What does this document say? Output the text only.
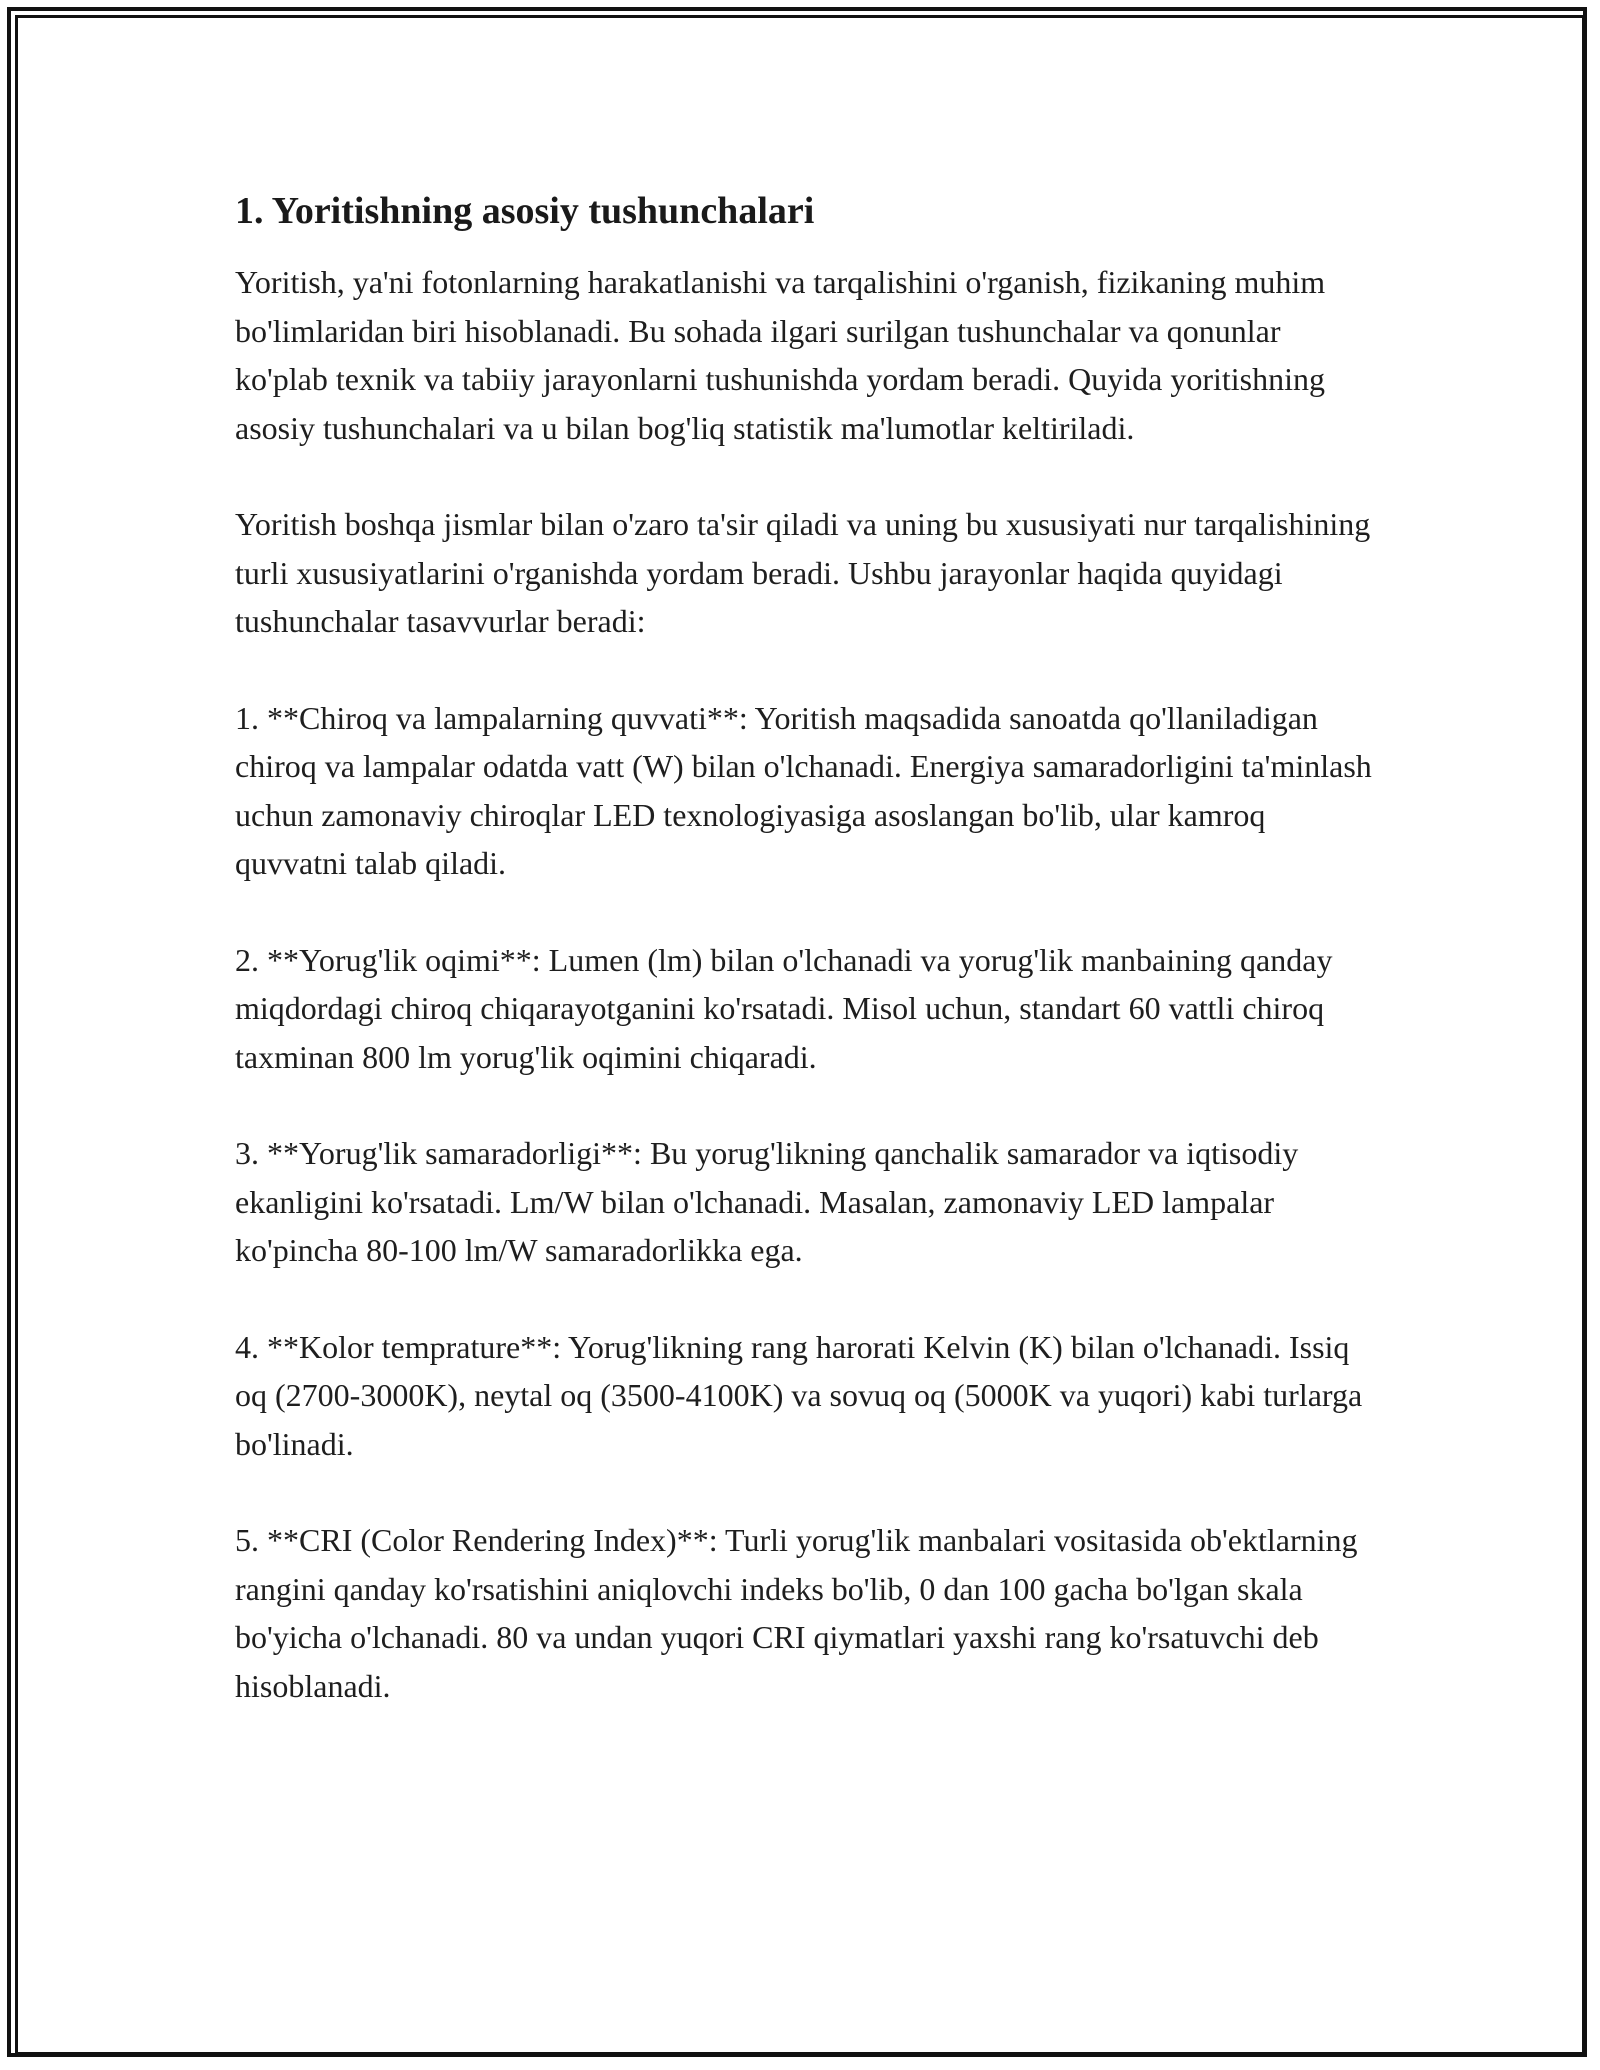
1. Yoritishning asosiy tushunchalari

Yoritish, ya'ni fotonlarning harakatlanishi va tarqalishini o'rganish, fizikaning muhim bo'limlaridan biri hisoblanadi. Bu sohada ilgari surilgan tushunchalar va qonunlar ko'plab texnik va tabiiy jarayonlarni tushunishda yordam beradi. Quyida yoritishning asosiy tushunchalari va u bilan bog'liq statistik ma'lumotlar keltiriladi.

Yoritish boshqa jismlar bilan o'zaro ta'sir qiladi va uning bu xususiyati nur tarqalishining turli xususiyatlarini o'rganishda yordam beradi. Ushbu jarayonlar haqida quyidagi tushunchalar tasavvurlar beradi:

1. **Chiroq va lampalarning quvvati**: Yoritish maqsadida sanoatda qo'llaniladigan chiroq va lampalar odatda vatt (W) bilan o'lchanadi. Energiya samaradorligini ta'minlash uchun zamonaviy chiroqlar LED texnologiyasiga asoslangan bo'lib, ular kamroq quvvatni talab qiladi.

2. **Yorug'lik oqimi**: Lumen (lm) bilan o'lchanadi va yorug'lik manbaining qanday miqdordagi chiroq chiqarayotganini ko'rsatadi. Misol uchun, standart 60 vattli chiroq taxminan 800 lm yorug'lik oqimini chiqaradi.

3. **Yorug'lik samaradorligi**: Bu yorug'likning qanchalik samarador va iqtisodiy ekanligini ko'rsatadi. Lm/W bilan o'lchanadi. Masalan, zamonaviy LED lampalar ko'pincha 80-100 lm/W samaradorlikka ega.

4. **Kolor temprature**: Yorug'likning rang harorati Kelvin (K) bilan o'lchanadi. Issiq oq (2700-3000K), neytal oq (3500-4100K) va sovuq oq (5000K va yuqori) kabi turlarga bo'linadi.

5. **CRI (Color Rendering Index)**: Turli yorug'lik manbalari vositasida ob'ektlarning rangini qanday ko'rsatishini aniqlovchi indeks bo'lib, 0 dan 100 gacha bo'lgan skala bo'yicha o'lchanadi. 80 va undan yuqori CRI qiymatlari yaxshi rang ko'rsatuvchi deb hisoblanadi.
